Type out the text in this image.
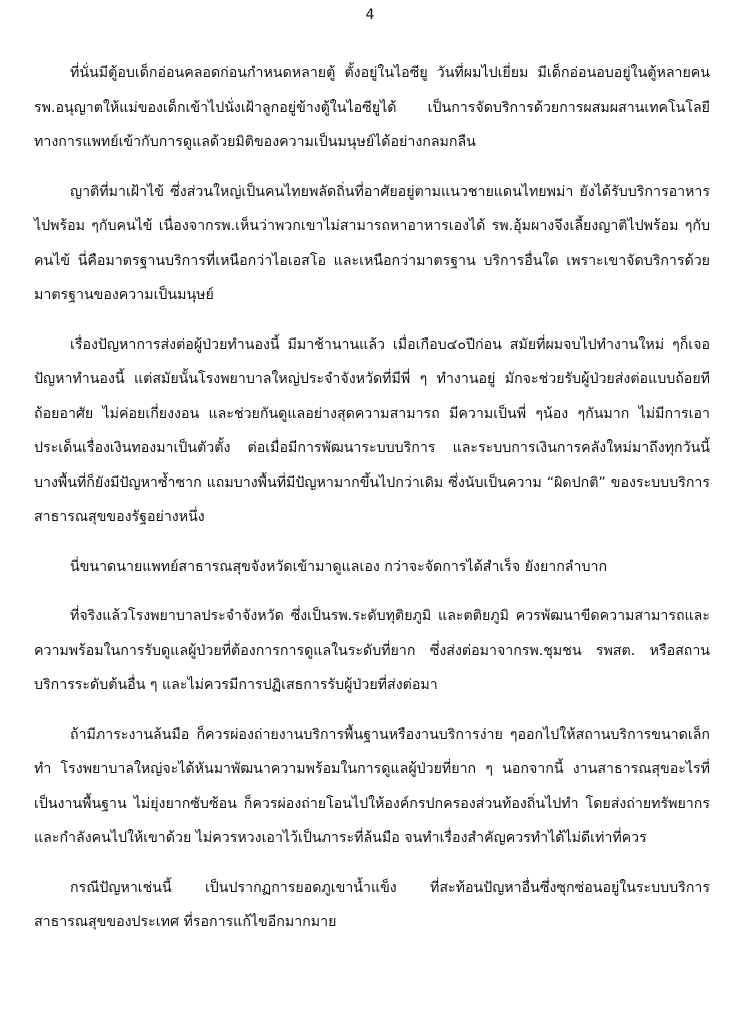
4

ที่นั่นมีตู้อบเด็กอ่อนคลอดก่อนกำหนดหลายตู้ ตั้งอยู่ในไอซียู วันที่ผมไปเยี่ยม มีเด็กอ่อนอบอยู่ในตู้หลายคน รพ.อนุญาตให้แม่ของเด็กเข้าไปนั่งเฝ้าลูกอยู่ข้างตู้ในไอซียูได้ เป็นการจัดบริการด้วยการผสมผสานเทคโนโลยีทางการแพทย์เข้ากับการดูแลด้วยมิติของความเป็นมนุษย์ได้อย่างกลมกลืน

ญาติที่มาเฝ้าไข้ ซึ่งส่วนใหญ่เป็นคนไทยพลัดถิ่นที่อาศัยอยู่ตามแนวชายแดนไทยพม่า ยังได้รับบริการอาหารไปพร้อม ๆกับคนไข้ เนื่องจากรพ.เห็นว่าพวกเขาไม่สามารถหาอาหารเองได้ รพ.อุ้มผางจึงเลี้ยงญาติไปพร้อม ๆกับคนไข้ นี่คือมาตรฐานบริการที่เหนือกว่าไอเอสโอ และเหนือกว่ามาตรฐาน บริการอื่นใด เพราะเขาจัดบริการด้วยมาตรฐานของความเป็นมนุษย์

เรื่องปัญหาการส่งต่อผู้ป่วยทำนองนี้ มีมาช้านานแล้ว เมื่อเกือบ๔๐ปีก่อน สมัยที่ผมจบไปทำงานใหม่ ๆก็เจอปัญหาทำนองนี้ แต่สมัยนั้นโรงพยาบาลใหญ่ประจำจังหวัดที่มีพี่ ๆ ทำงานอยู่ มักจะช่วยรับผู้ป่วยส่งต่อแบบถ้อยทีถ้อยอาศัย ไม่ค่อยเกี่ยงงอน และช่วยกันดูแลอย่างสุดความสามารถ มีความเป็นพี่ ๆน้อง ๆกันมาก ไม่มีการเอาประเด็นเรื่องเงินทองมาเป็นตัวตั้ง ต่อเมื่อมีการพัฒนาระบบบริการ และระบบการเงินการคลังใหม่มาถึงทุกวันนี้ บางพื้นที่ก็ยังมีปัญหาซ้ำซาก แถมบางพื้นที่มีปัญหามากขึ้นไปกว่าเดิม ซึ่งนับเป็นความ “ผิดปกติ” ของระบบบริการสาธารณสุขของรัฐอย่างหนึ่ง

นี่ขนาดนายแพทย์สาธารณสุขจังหวัดเข้ามาดูแลเอง กว่าจะจัดการได้สำเร็จ ยังยากลำบาก

ที่จริงแล้วโรงพยาบาลประจำจังหวัด ซึ่งเป็นรพ.ระดับทุติยภูมิ และตติยภูมิ ควรพัฒนาขีดความสามารถและความพร้อมในการรับดูแลผู้ป่วยที่ต้องการการดูแลในระดับที่ยาก ซึ่งส่งต่อมาจากรพ.ชุมชน รพสต. หรือสถานบริการระดับต้นอื่น ๆ และไม่ควรมีการปฏิเสธการรับผู้ป่วยที่ส่งต่อมา

ถ้ามีภาระงานล้นมือ ก็ควรผ่องถ่ายงานบริการพื้นฐานหรืองานบริการง่าย ๆออกไปให้สถานบริการขนาดเล็กทำ โรงพยาบาลใหญ่จะได้หันมาพัฒนาความพร้อมในการดูแลผู้ป่วยที่ยาก ๆ นอกจากนี้ งานสาธารณสุขอะไรที่เป็นงานพื้นฐาน ไม่ยุ่งยากซับซ้อน ก็ควรผ่องถ่ายโอนไปให้องค์กรปกครองส่วนท้องถิ่นไปทำ โดยส่งถ่ายทรัพยากรและกำลังคนไปให้เขาด้วย ไม่ควรหวงเอาไว้เป็นภาระที่ล้นมือ จนทำเรื่องสำคัญควรทำได้ไม่ดีเท่าที่ควร

กรณีปัญหาเช่นนี้ เป็นปรากฏการยอดภูเขาน้ำแข็ง ที่สะท้อนปัญหาอื่นซึ่งซุกซ่อนอยู่ในระบบบริการสาธารณสุขของประเทศ ที่รอการแก้ไขอีกมากมาย
